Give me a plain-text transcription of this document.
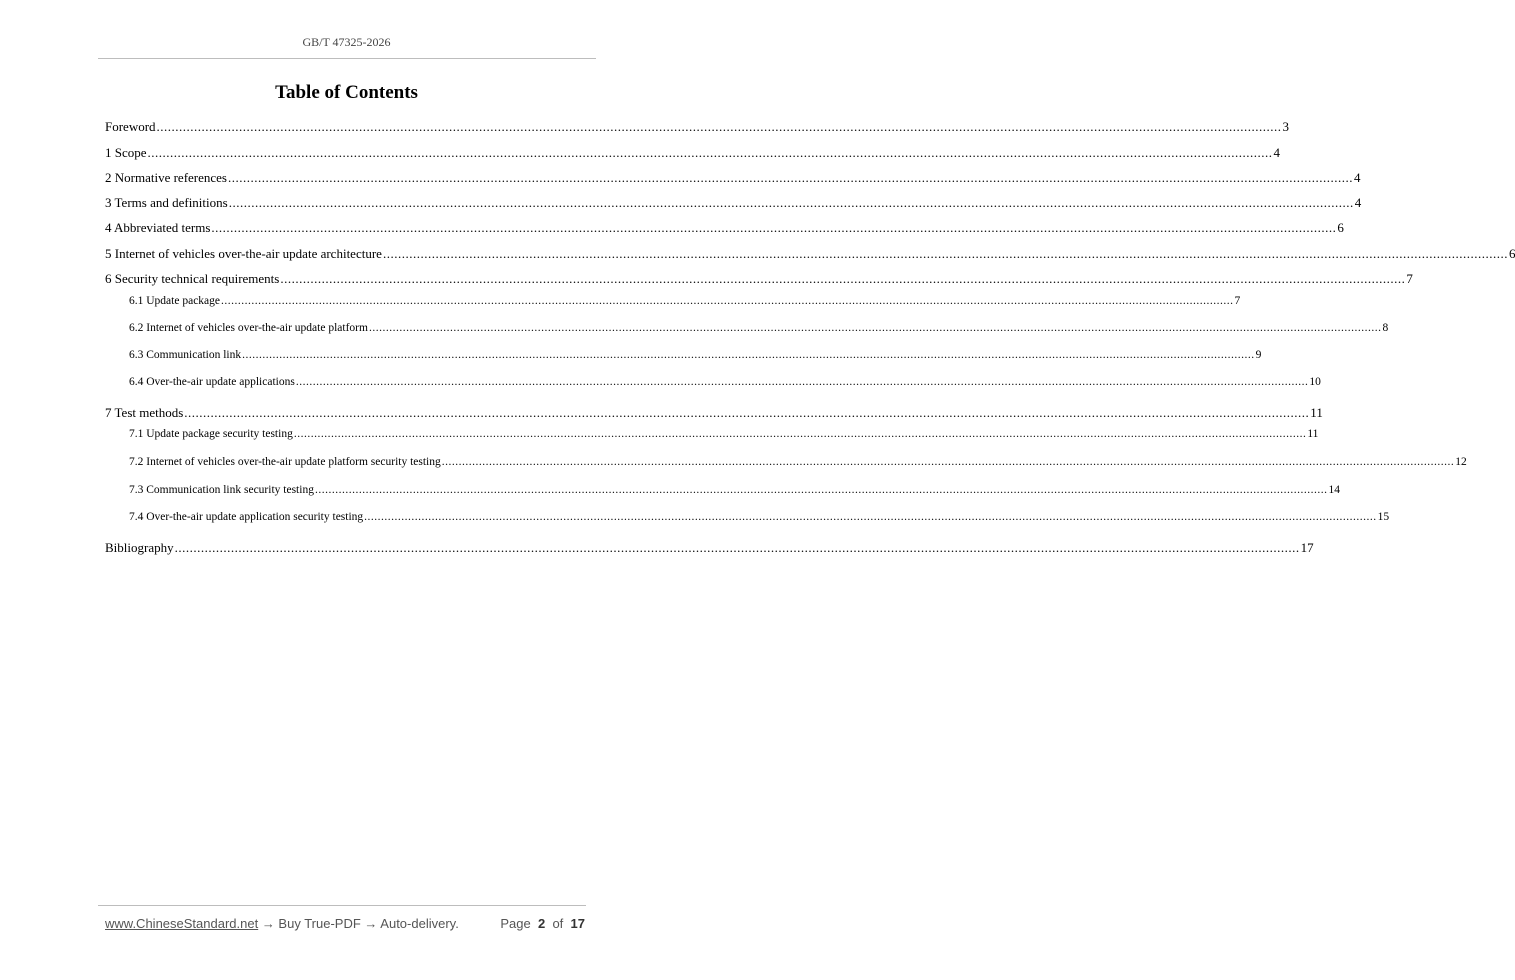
GB/T 47325-2026
Table of Contents
Foreword ............................................................................................................................................................................................................................................................................................................ 3
1 Scope ............................................................................................................................................................................................................................................................................................................ 4
2 Normative references ............................................................................................................................................................................................................................................................................................................ 4
3 Terms and definitions ............................................................................................................................................................................................................................................................................................................ 4
4 Abbreviated terms ............................................................................................................................................................................................................................................................................................................ 6
5 Internet of vehicles over-the-air update architecture ............................................................................................................................................................................................................................................................................................................ 6
6 Security technical requirements ............................................................................................................................................................................................................................................................................................................ 7
6.1 Update package ............................................................................................................................................................................................................................................................................................................ 7
6.2 Internet of vehicles over-the-air update platform ............................................................................................................................................................................................................................................................................................................ 8
6.3 Communication link ............................................................................................................................................................................................................................................................................................................ 9
6.4 Over-the-air update applications ............................................................................................................................................................................................................................................................................................................ 10
7 Test methods ............................................................................................................................................................................................................................................................................................................ 11
7.1 Update package security testing ............................................................................................................................................................................................................................................................................................................ 11
7.2 Internet of vehicles over-the-air update platform security testing ............................................................................................................................................................................................................................................................................................................ 12
7.3 Communication link security testing ............................................................................................................................................................................................................................................................................................................ 14
7.4 Over-the-air update application security testing ............................................................................................................................................................................................................................................................................................................ 15
Bibliography ............................................................................................................................................................................................................................................................................................................ 17
www.ChineseStandard.net → Buy True-PDF → Auto-delivery.	Page 2 of 17
